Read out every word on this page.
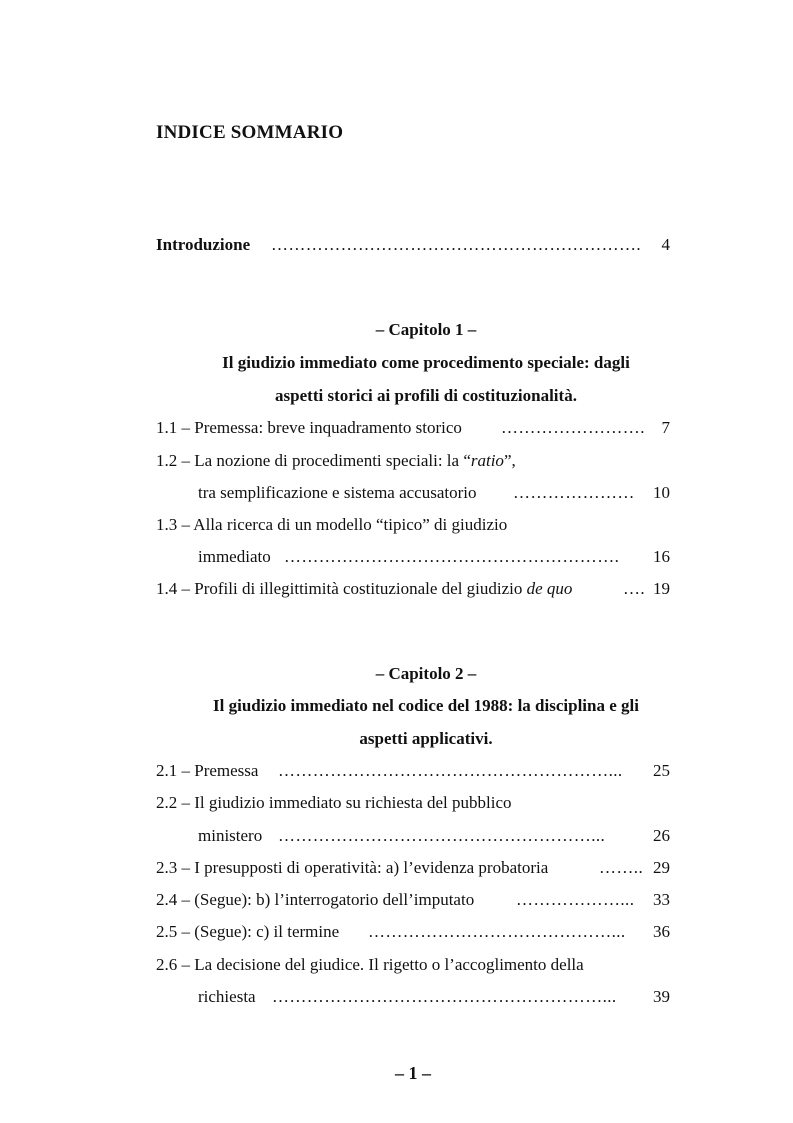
INDICE SOMMARIO
Introduzione ………………………………………………………. 4
– Capitolo 1 –
Il giudizio immediato come procedimento speciale: dagli
aspetti storici ai profili di costituzionalità.
1.1 – Premessa: breve inquadramento storico ……………………. 7
1.2 – La nozione di procedimenti speciali: la “ratio”,
tra semplificazione e sistema accusatorio ………………… 10
1.3 – Alla ricerca di un modello “tipico” di giudizio
immediato …………………………………………………. 16
1.4 – Profili di illegittimità costituzionale del giudizio de quo	…. 19
– Capitolo 2 –
Il giudizio immediato nel codice del 1988: la disciplina e gli
aspetti applicativi.
2.1 – Premessa …………………………………………………... 25
2.2 – Il giudizio immediato su richiesta del pubblico
ministero ………………………………………………...	26
2.3 – I presupposti di operatività: a) l’evidenza probatoria	…….. 29
2.4 – (Segue): b) l’interrogatorio dell’imputato ………………... 33
2.5 – (Segue): c) il termine ……………………………………... 36
2.6 – La decisione del giudice. Il rigetto o l’accoglimento della
richiesta …………………………………………………... 39
– 1 –
